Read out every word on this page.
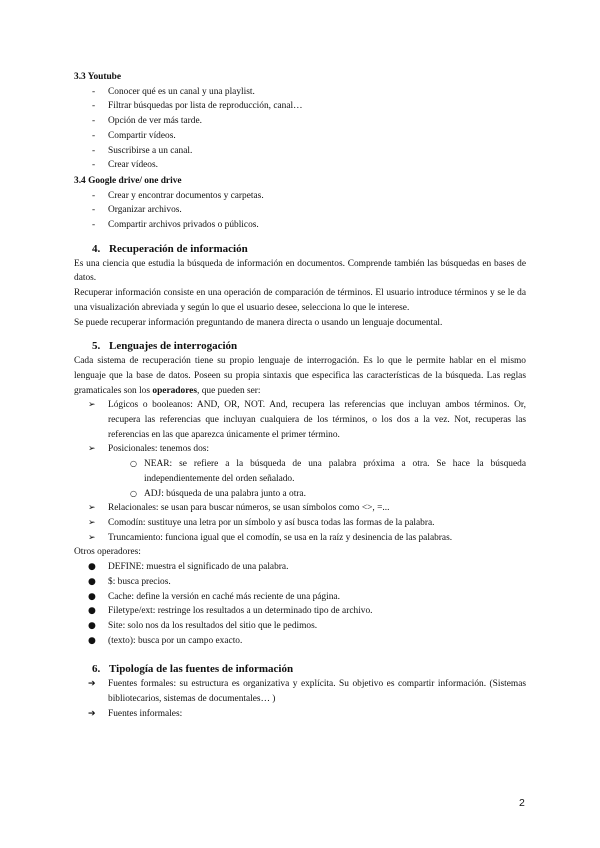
3.3 Youtube
- Conocer qué es un canal y una playlist.
- Filtrar búsquedas por lista de reproducción, canal…
- Opción de ver más tarde.
- Compartir vídeos.
- Suscribirse a un canal.
- Crear vídeos.
3.4 Google drive/ one drive
- Crear y encontrar documentos y carpetas.
- Organizar archivos.
- Compartir archivos privados o públicos.
4. Recuperación de información

Es una ciencia que estudia la búsqueda de información en documentos. Comprende también las búsquedas en bases de datos.

Recuperar información consiste en una operación de comparación de términos. El usuario introduce términos y se le da una visualización abreviada y según lo que el usuario desee, selecciona lo que le interese.

Se puede recuperar información preguntando de manera directa o usando un lenguaje documental.

5. Lenguajes de interrogación

Cada sistema de recuperación tiene su propio lenguaje de interrogación. Es lo que le permite hablar en el mismo lenguaje que la base de datos. Poseen su propia sintaxis que especifica las características de la búsqueda. Las reglas gramaticales son los operadores, que pueden ser:

➢ Lógicos o booleanos: AND, OR, NOT. And, recupera las referencias que incluyan ambos términos. Or, recupera las referencias que incluyan cualquiera de los términos, o los dos a la vez. Not, recuperas las referencias en las que aparezca únicamente el primer término.
➢ Posicionales: tenemos dos:
○ NEAR: se refiere a la búsqueda de una palabra próxima a otra. Se hace la búsqueda independientemente del orden señalado.
○ ADJ: búsqueda de una palabra junto a otra.
➢ Relacionales: se usan para buscar números, se usan símbolos como <>, =...
➢ Comodín: sustituye una letra por un símbolo y así busca todas las formas de la palabra.
➢ Truncamiento: funciona igual que el comodín, se usa en la raíz y desinencia de las palabras.

Otros operadores:

● DEFINE: muestra el significado de una palabra.
● $: busca precios.
● Cache: define la versión en caché más reciente de una página.
● Filetype/ext: restringe los resultados a un determinado tipo de archivo.
● Site: solo nos da los resultados del sitio que le pedimos.
● (texto): busca por un campo exacto.
6. Tipología de las fuentes de información
➔ Fuentes formales: su estructura es organizativa y explícita. Su objetivo es compartir información. (Sistemas bibliotecarios, sistemas de documentales… )
➔ Fuentes informales:
2
